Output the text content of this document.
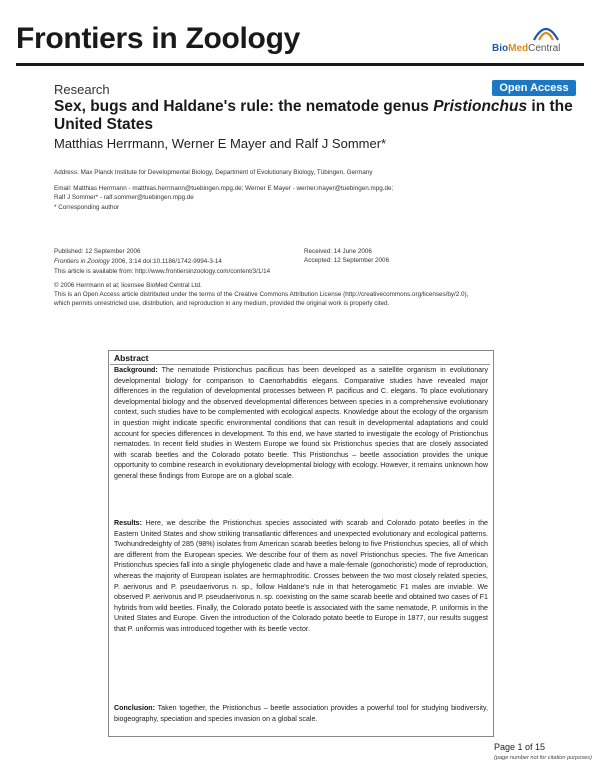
Frontiers in Zoology	BioMedCentral
Research	Open Access
Sex, bugs and Haldane's rule: the nematode genus Pristionchus in the United States
Matthias Herrmann, Werner E Mayer and Ralf J Sommer*
Address: Max Planck Institute for Developmental Biology, Department of Evolutionary Biology, Tübingen, Germany
Email: Matthias Herrmann - matthias.herrmann@tuebingen.mpg.de; Werner E Mayer - werner.mayer@tuebingen.mpg.de;
Ralf J Sommer* - ralf.sommer@tuebingen.mpg.de
* Corresponding author
Published: 12 September 2006
Frontiers in Zoology 2006, 3:14 doi:10.1186/1742-9994-3-14
Received: 14 June 2006
Accepted: 12 September 2006
This article is available from: http://www.frontiersinzoology.com/content/3/1/14
© 2006 Herrmann et al; licensee BioMed Central Ltd.
This is an Open Access article distributed under the terms of the Creative Commons Attribution License (http://creativecommons.org/licenses/by/2.0),
which permits unrestricted use, distribution, and reproduction in any medium, provided the original work is properly cited.
Abstract
Background: The nematode Pristionchus pacificus has been developed as a satellite organism in evolutionary developmental biology for comparison to Caenorhabditis elegans. Comparative studies have revealed major differences in the regulation of developmental processes between P. pacificus and C. elegans. To place evolutionary developmental biology and the observed developmental differences between species in a comprehensive evolutionary context, such studies have to be complemented with ecological aspects. Knowledge about the ecology of the organism in question might indicate specific environmental conditions that can result in developmental adaptations and could account for species differences in development. To this end, we have started to investigate the ecology of Pristionchus nematodes. In recent field studies in Western Europe we found six Pristionchus species that are closely associated with scarab beetles and the Colorado potato beetle. This Pristionchus – beetle association provides the unique opportunity to combine research in evolutionary developmental biology with ecology. However, it remains unknown how general these findings from Europe are on a global scale.
Results: Here, we describe the Pristionchus species associated with scarab and Colorado potato beetles in the Eastern United States and show striking transatlantic differences and unexpected evolutionary and ecological patterns. Twohundredeighty of 285 (98%) isolates from American scarab beetles belong to five Pristionchus species, all of which are different from the European species. We describe four of them as novel Pristionchus species. The five American Pristionchus species fall into a single phylogenetic clade and have a male-female (gonochoristic) mode of reproduction, whereas the majority of European isolates are hermaphroditic. Crosses between the two most closely related species, P. aerivorus and P. pseudaerivorus n. sp., follow Haldane's rule in that heterogametic F1 males are inviable. We observed P. aerivorus and P. pseudaerivorus n. sp. coexisting on the same scarab beetle and obtained two cases of F1 hybrids from wild beetles. Finally, the Colorado potato beetle is associated with the same nematode, P. uniformis in the United States and Europe. Given the introduction of the Colorado potato beetle to Europe in 1877, our results suggest that P. uniformis was introduced together with its beetle vector.
Conclusion: Taken together, the Pristionchus – beetle association provides a powerful tool for studying biodiversity, biogeography, speciation and species invasion on a global scale.
Page 1 of 15
(page number not for citation purposes)
